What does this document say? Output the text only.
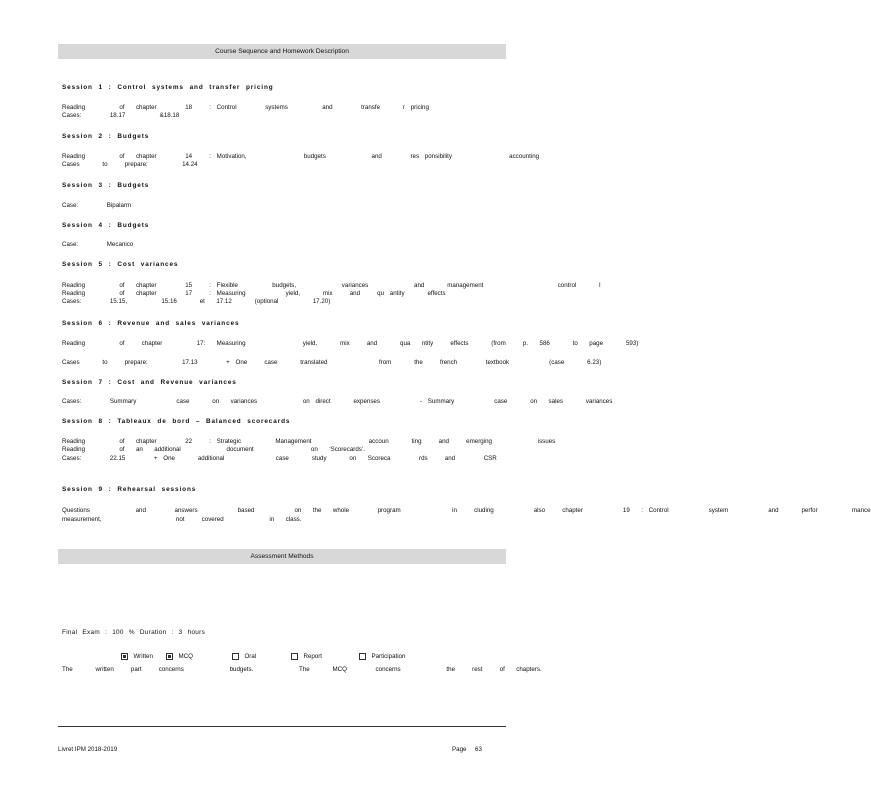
Course Sequence and Homework Description
Session 1 : Control systems and transfer pricing
Reading      of  chapter     18   : Control     systems      and     transfe    r pricing
Cases:     18.17      &18.18
Session 2 : Budgets
Reading      of  chapter     14   : Motivation,          budgets        and     res ponsibility          accounting
Cases    to   prepare:      14.24
Session 3 : Budgets
Case:     Bipalarm
Session 4 : Budgets
Case:     Mecanico
Session 5 : Cost variances
Reading      of  chapter     15   : Flexible      budgets,        variances        and    management             control    l
Reading      of  chapter     17   : Measuring       yield,    mix   and   qu antity    effects
Cases:     15.15,      15.16    et  17.12    (optional      17.20)
Session 6 : Revenue and sales variances
Reading      of   chapter      17:  Measuring          yield,    mix   and    qua  ntity   effects    (from   p.  586    to  page    593)
Cases    to   prepare:      17.13     + One   case    translated         from    the   french     textbook       (case    6.23)
Session 7 : Cost and Revenue variances
Cases:     Summary       case    on  variances        on direct    expenses       - Summary       case    on  sales    variances
Session 8 : Tableaux de bord – Balanced scorecards
Reading      of  chapter     22   : Strategic      Management          accoun    ting   and   emerging        issues
Reading      of  an  additional        document          on  ‘Scorecards’.
Cases:     22.15     + One    additional         case    study    on  Scoreca     rds   and     CSR
Session 9 : Rehearsal sessions
Questions        and     answers       based       on  the  whole     program         in   cluding       also   chapter       19  : Control       system       and    perfor      mance
measurement,             not   covered        in  class.
Assessment Methods
Final Exam : 100 % Duration : 3 hours

Written	MCQ	Oral	Report	Participation

The    written   part   concerns        budgets.        The    MCQ     concerns        the   rest   of  chapters.
Livret IPM 2018-2019	Page     63
